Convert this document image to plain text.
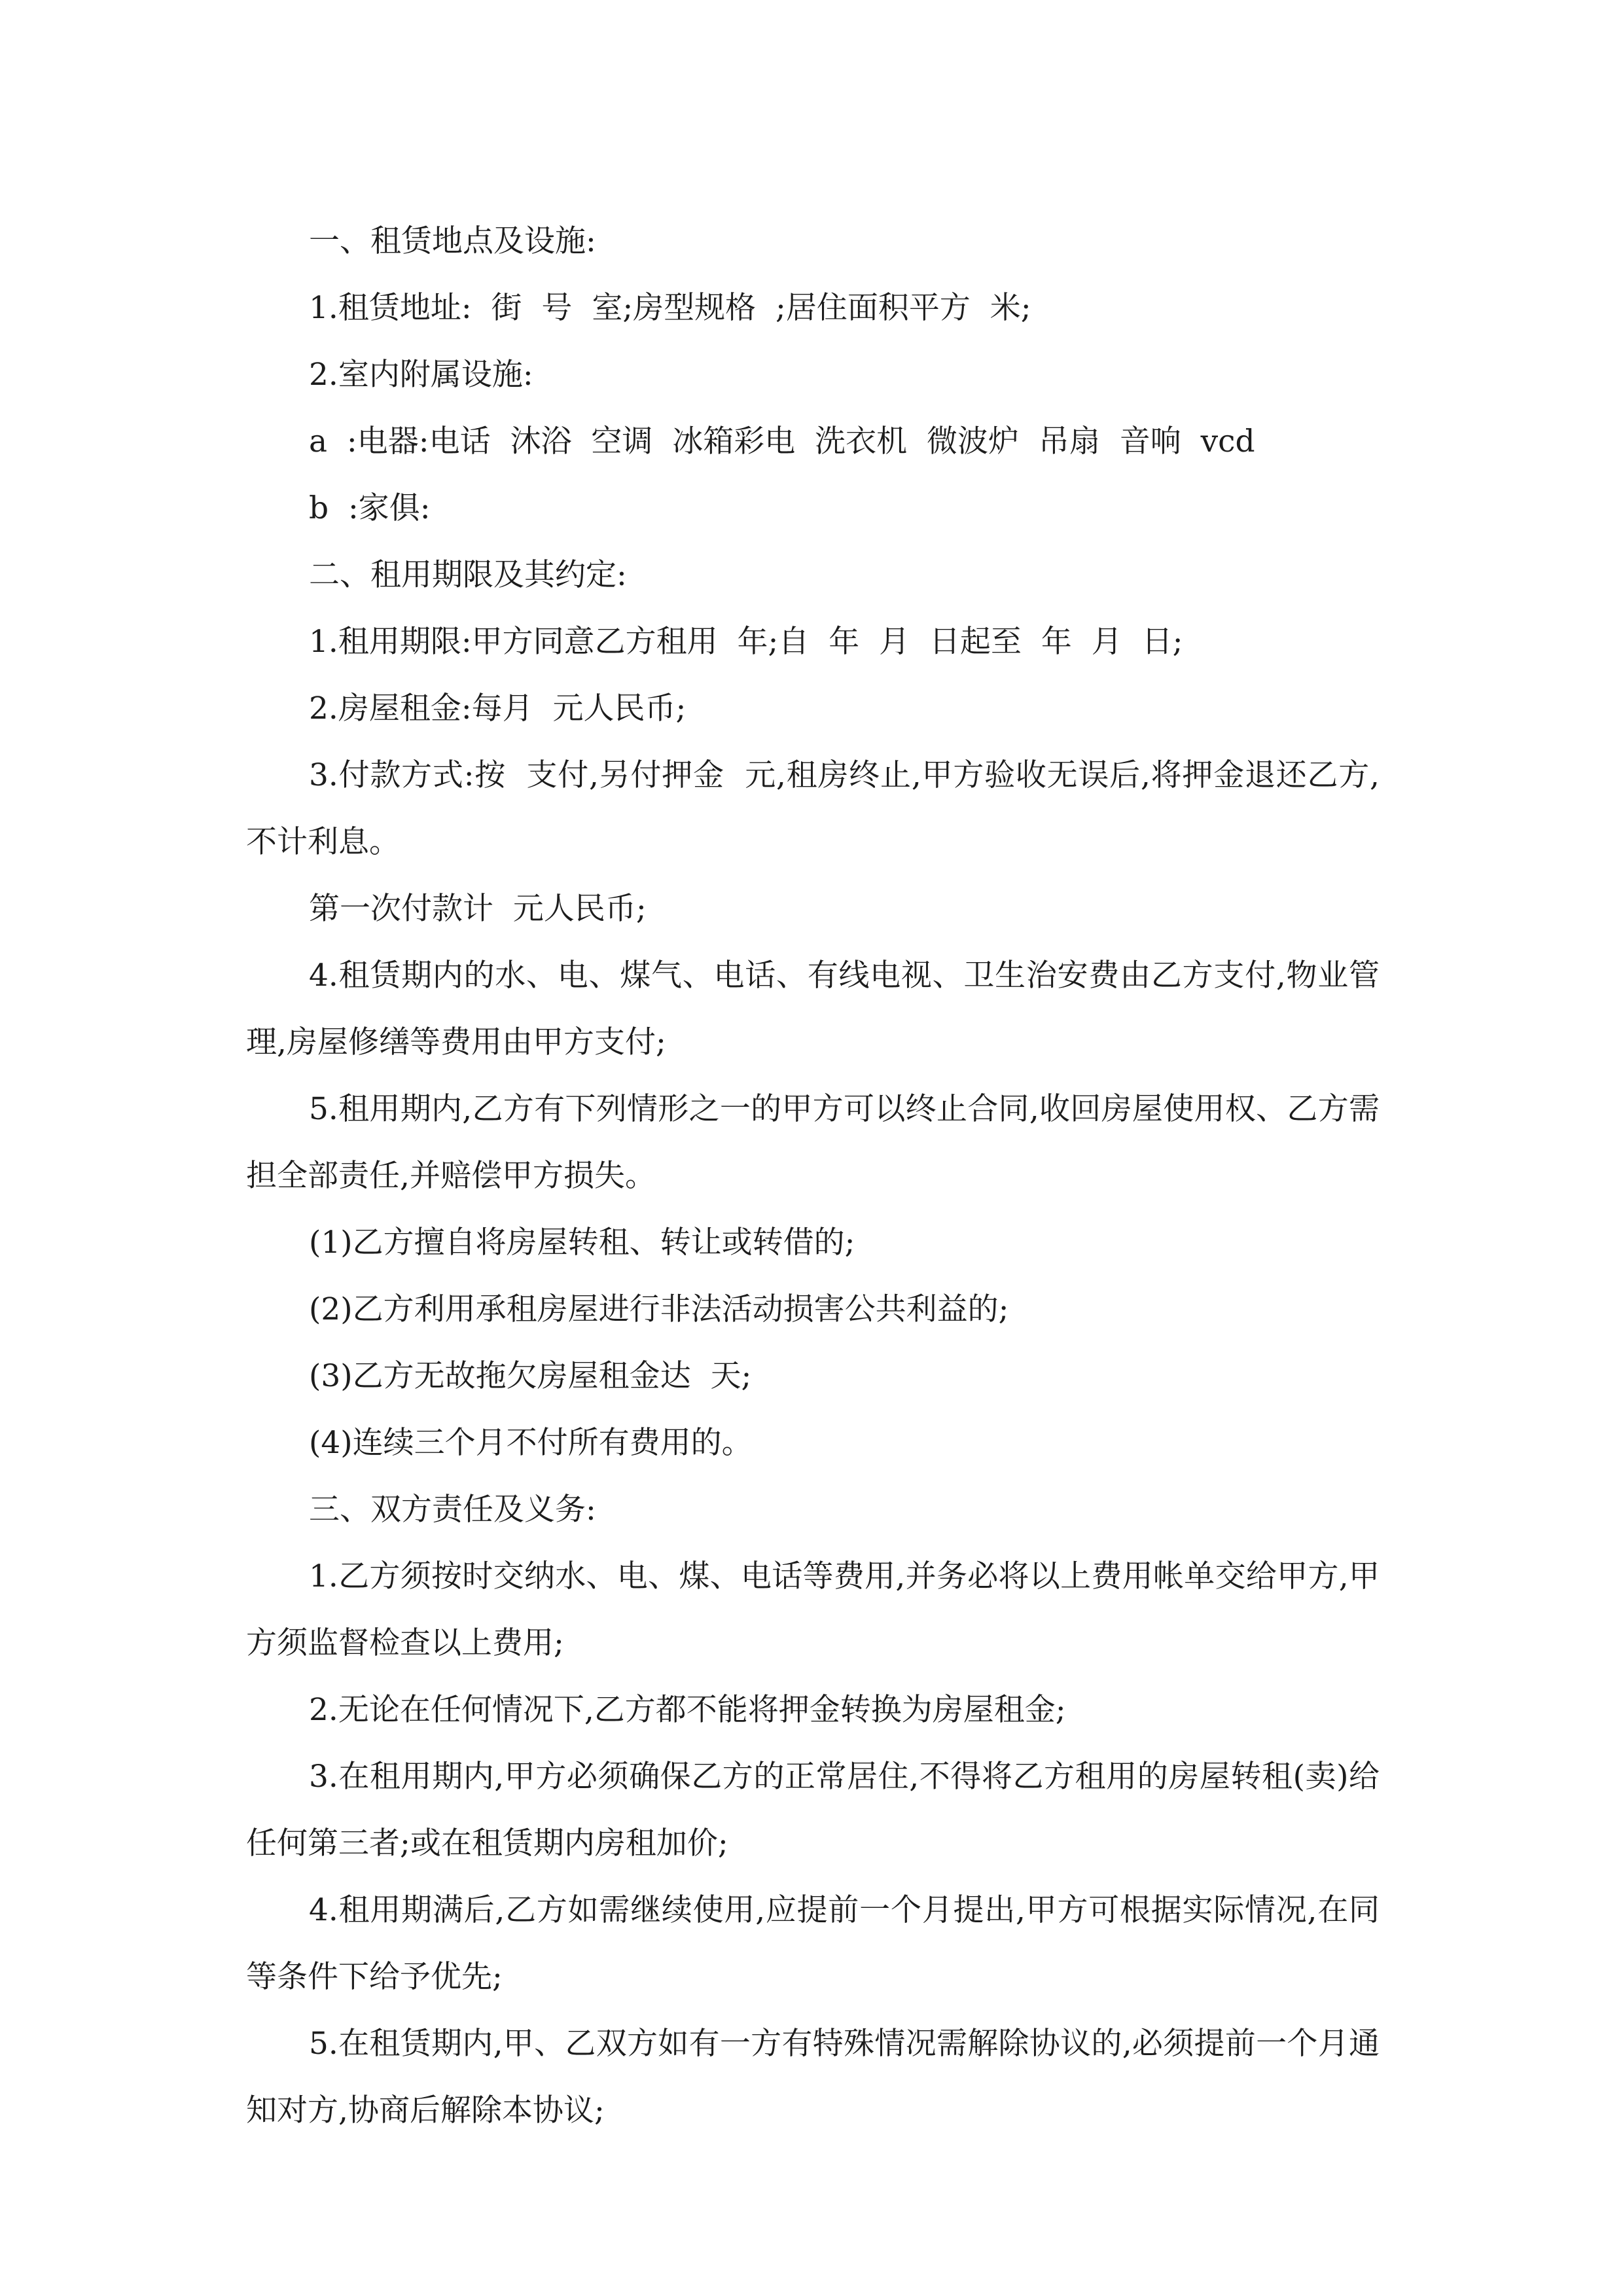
一、租赁地点及设施:

1.租赁地址:  街  号  室;房型规格  ;居住面积平方  米;

2.室内附属设施:

a  :电器:电话  沐浴  空调  冰箱彩电  洗衣机  微波炉  吊扇  音响  vcd

b  :家俱:

二、租用期限及其约定:

1.租用期限:甲方同意乙方租用  年;自  年  月  日起至  年  月  日;

2.房屋租金:每月  元人民币;

3.付款方式:按  支付,另付押金  元,租房终止,甲方验收无误后,将押金退还乙方,不计利息。

第一次付款计  元人民币;

4.租赁期内的水、电、煤气、电话、有线电视、卫生治安费由乙方支付,物业管理,房屋修缮等费用由甲方支付;

5.租用期内,乙方有下列情形之一的甲方可以终止合同,收回房屋使用权、乙方需担全部责任,并赔偿甲方损失。

(1)乙方擅自将房屋转租、转让或转借的;

(2)乙方利用承租房屋进行非法活动损害公共利益的;

(3)乙方无故拖欠房屋租金达  天;

(4)连续三个月不付所有费用的。

三、双方责任及义务:

1.乙方须按时交纳水、电、煤、电话等费用,并务必将以上费用帐单交给甲方,甲方须监督检查以上费用;

2.无论在任何情况下,乙方都不能将押金转换为房屋租金;

3.在租用期内,甲方必须确保乙方的正常居住,不得将乙方租用的房屋转租(卖)给任何第三者;或在租赁期内房租加价;

4.租用期满后,乙方如需继续使用,应提前一个月提出,甲方可根据实际情况,在同等条件下给予优先;

5.在租赁期内,甲、乙双方如有一方有特殊情况需解除协议的,必须提前一个月通知对方,协商后解除本协议;
